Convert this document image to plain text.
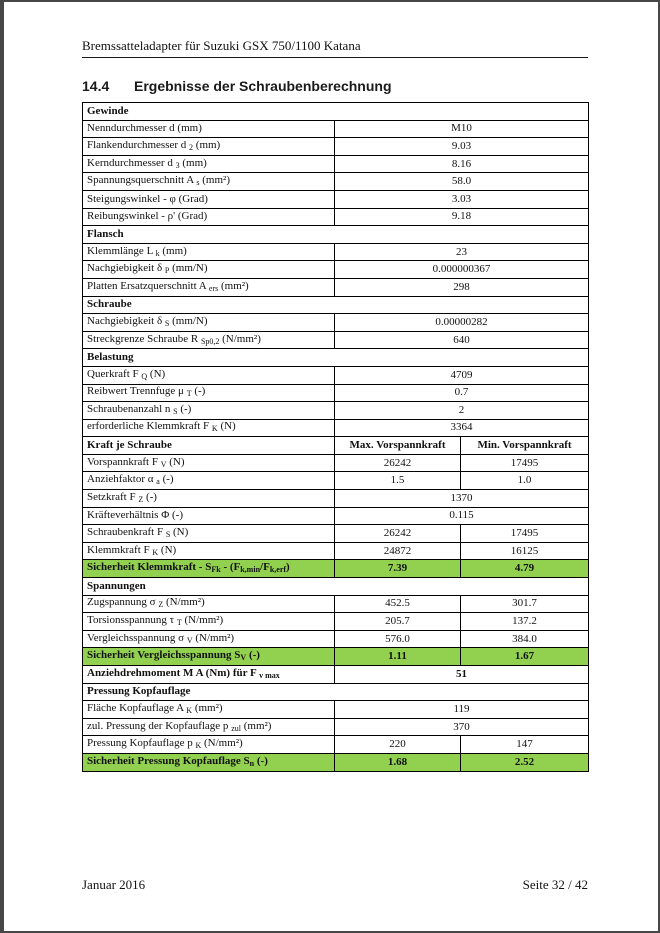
Bremssatteladapter für Suzuki GSX 750/1100 Katana
14.4 Ergebnisse der Schraubenberechnung
Gewinde		
Nenndurchmesser d (mm)	M10	
Flankendurchmesser d $_2$ (mm)	9.03	
Kerndurchmesser d $_3$ (mm)	8.16	
Spannungsquerschnitt A $_s$ (mm²)	58.0	
Steigungswinkel - φ (Grad)	3.03	
Reibungswinkel - ρ' (Grad)	9.18	
Flansch		
Klemmlänge L $_k$ (mm)	23	
Nachgiebigkeit δ $_P$ (mm/N)	0.000000367	
Platten Ersatzquerschnitt A $_{ers}$ (mm²)	298	
Schraube		
Nachgiebigkeit δ $_S$ (mm/N)	0.00000282	
Streckgrenze Schraube R $_{Sp0,2}$ (N/mm²)	640	
Belastung		
Querkraft F $_Q$ (N)	4709	
Reibwert Trennfuge μ $_T$ (-)	0.7	
Schraubenanzahl n $_S$ (-)	2	
erforderliche Klemmkraft F $_K$ (N)	3364	
Kraft je Schraube	Max. Vorspannkraft	Min. Vorspannkraft
Vorspannkraft F $_V$ (N)	26242	17495
Anziehfaktor α $_a$ (-)	1.5	1.0
Setzkraft F $_Z$ (-)	1370	
Kräfteverhältnis Φ (-)	0.115	
Schraubenkraft F $_S$ (N)	26242	17495
Klemmkraft F $_K$ (N)	24872	16125
Sicherheit Klemmkraft - $S_{Fk} - (F_{k,min}/F_{k,erf})$	7.39	4.79
Spannungen		
Zugspannung σ $_Z$ (N/mm²)	452.5	301.7
Torsionsspannung τ $_T$ (N/mm²)	205.7	137.2
Vergleichsspannung σ $_V$ (N/mm²)	576.0	384.0
Sicherheit Vergleichsspannung $S_V$ (-)	1.11	1.67
Anziehdrehmoment M A (Nm) für F $_{v max}$	51	
Pressung Kopfauflage		
Fläche Kopfauflage A $_K$ (mm²)	119	
zul. Pressung der Kopfauflage p $_{zul}$ (mm²)	370	
Pressung Kopfauflage p $_K$ (N/mm²)	220	147
Sicherheit Pressung Kopfauflage $S_n$ (-)	1.68	2.52
Januar 2016	Seite 32 / 42
